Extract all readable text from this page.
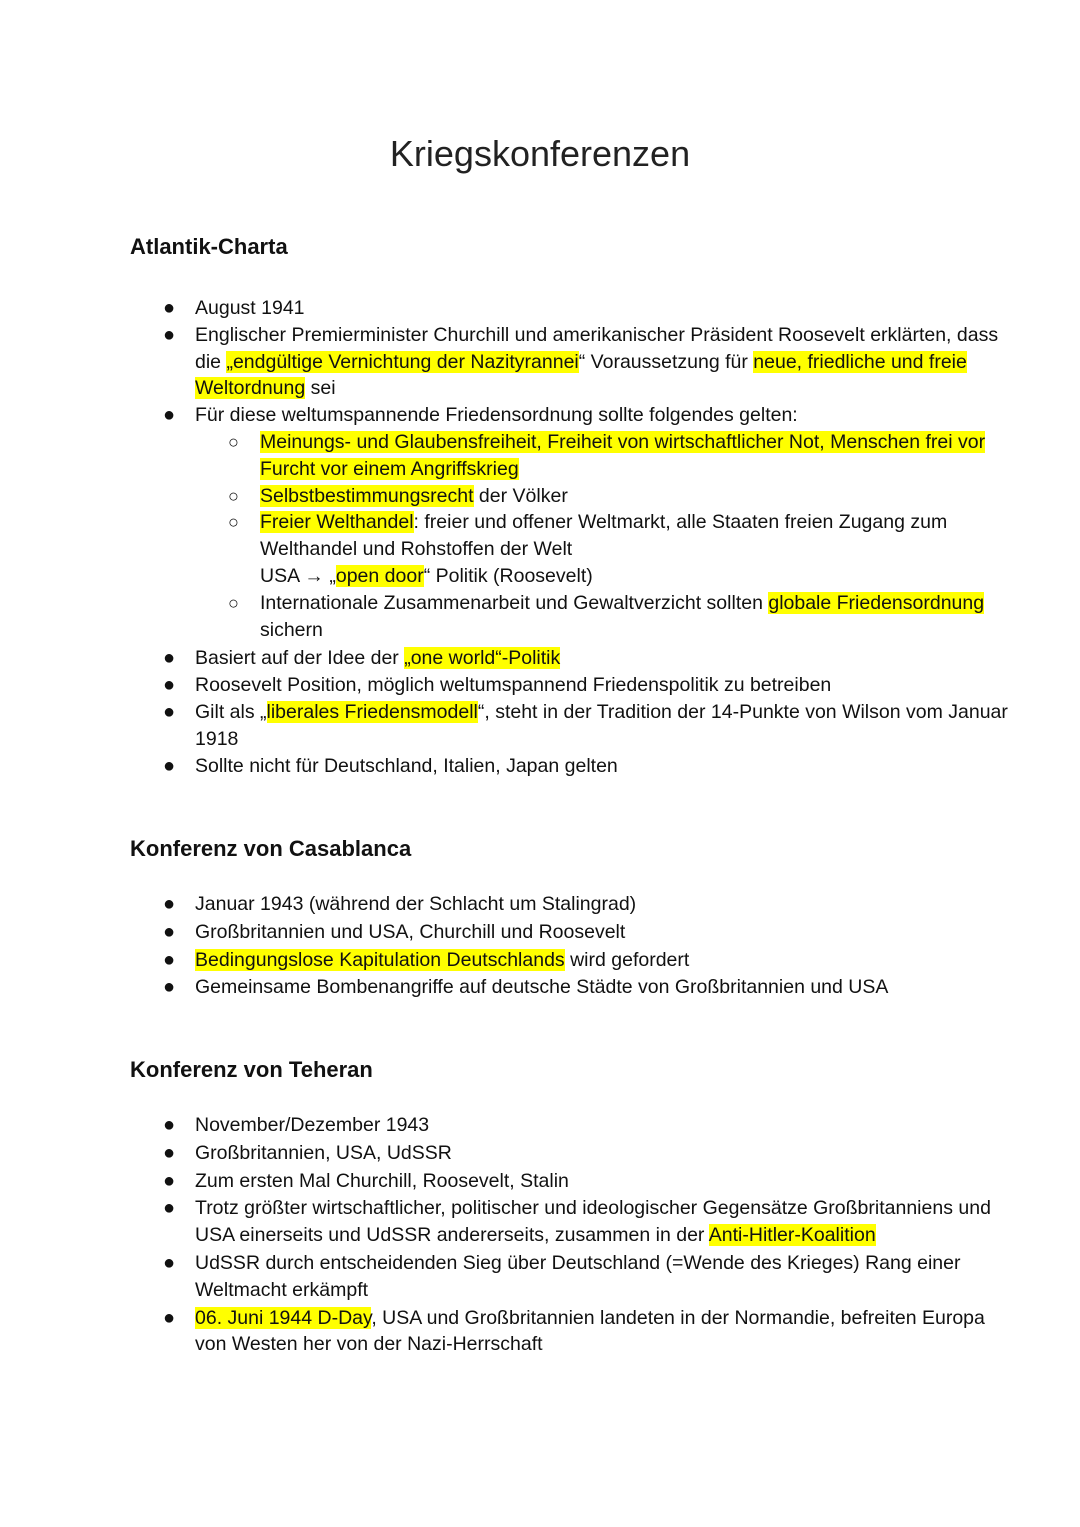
Kriegskonferenzen
Atlantik-Charta
● August 1941
● Englischer Premierminister Churchill und amerikanischer Präsident Roosevelt erklärten, dass die „endgültige Vernichtung der Nazityrannei“ Voraussetzung für neue, friedliche und freie Weltordnung sei
● Für diese weltumspannende Friedensordnung sollte folgendes gelten:
○ Meinungs- und Glaubensfreiheit, Freiheit von wirtschaftlicher Not, Menschen frei vor Furcht vor einem Angriffskrieg
○ Selbstbestimmungsrecht der Völker
○ Freier Welthandel: freier und offener Weltmarkt, alle Staaten freien Zugang zum Welthandel und Rohstoffen der Welt
USA → „open door“ Politik (Roosevelt)
○ Internationale Zusammenarbeit und Gewaltverzicht sollten globale Friedensordnung sichern
● Basiert auf der Idee der „one world“-Politik
● Roosevelt Position, möglich weltumspannend Friedenspolitik zu betreiben
● Gilt als „liberales Friedensmodell“, steht in der Tradition der 14-Punkte von Wilson vom Januar 1918
● Sollte nicht für Deutschland, Italien, Japan gelten
Konferenz von Casablanca
● Januar 1943 (während der Schlacht um Stalingrad)
● Großbritannien und USA, Churchill und Roosevelt
● Bedingungslose Kapitulation Deutschlands wird gefordert
● Gemeinsame Bombenangriffe auf deutsche Städte von Großbritannien und USA
Konferenz von Teheran
● November/Dezember 1943
● Großbritannien, USA, UdSSR
● Zum ersten Mal Churchill, Roosevelt, Stalin
● Trotz größter wirtschaftlicher, politischer und ideologischer Gegensätze Großbritanniens und USA einerseits und UdSSR andererseits, zusammen in der Anti-Hitler-Koalition
● UdSSR durch entscheidenden Sieg über Deutschland (=Wende des Krieges) Rang einer Weltmacht erkämpft
● 06. Juni 1944 D-Day, USA und Großbritannien landeten in der Normandie, befreiten Europa von Westen her von der Nazi-Herrschaft
